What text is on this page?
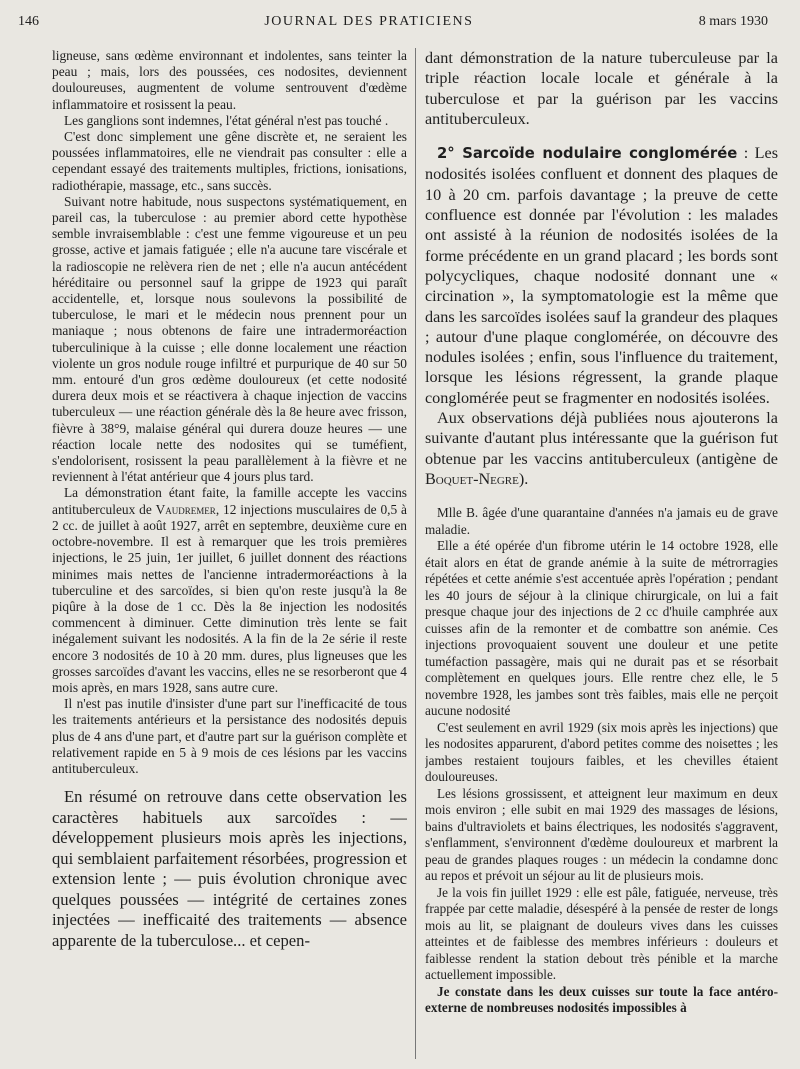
146	JOURNAL DES PRATICIENS	8 mars 1930

ligneuse, sans œdème environnant et indolentes, sans teinter la peau ; mais, lors des poussées, ces nodosites, deviennent douloureuses, augmentent de volume sentrouvent d'œdème inflammatoire et rosissent la peau.

Les ganglions sont indemnes, l'état général n'est pas touché .

C'est donc simplement une gêne discrète et, ne seraient les poussées inflammatoires, elle ne viendrait pas consulter : elle a cependant essayé des traitements multiples, frictions, ionisations, radiothérapie, massage, etc., sans succès.

Suivant notre habitude, nous suspectons systématiquement, en pareil cas, la tuberculose : au premier abord cette hypothèse semble invraisemblable : c'est une femme vigoureuse et un peu grosse, active et jamais fatiguée ; elle n'a aucune tare viscérale et la radioscopie ne relèvera rien de net ; elle n'a aucun antécédent héréditaire ou personnel sauf la grippe de 1923 qui paraît accidentelle, et, lorsque nous soulevons la possibilité de tuberculose, le mari et le médecin nous prennent pour un maniaque ; nous obtenons de faire une intradermoréaction tuberculinique à la cuisse ; elle donne localement une réaction violente un gros nodule rouge infiltré et purpurique de 40 sur 50 mm. entouré d'un gros œdème douloureux (et cette nodosité durera deux mois et se réactivera à chaque injection de vaccins tuberculeux — une réaction générale dès la 8e heure avec frisson, fièvre à 38°9, malaise général qui durera douze heures — une réaction locale nette des nodosites qui se tuméfient, s'endolorisent, rosissent la peau parallèlement à la fièvre et ne reviennent à l'état antérieur que 4 jours plus tard.

La démonstration étant faite, la famille accepte les vaccins antituberculeux de Vaudremer, 12 injections musculaires de 0,5 à 2 cc. de juillet à août 1927, arrêt en septembre, deuxième cure en octobre-novembre. Il est à remarquer que les trois premières injections, le 25 juin, 1er juillet, 6 juillet donnent des réactions minimes mais nettes de l'ancienne intradermoréactions à la tuberculine et des sarcoïdes, si bien qu'on reste jusqu'à la 8e piqûre à la dose de 1 cc. Dès la 8e injection les nodosités commencent à diminuer. Cette diminution très lente se fait inégalement suivant les nodosités. A la fin de la 2e série il reste encore 3 nodosités de 10 à 20 mm. dures, plus ligneuses que les grosses sarcoïdes d'avant les vaccins, elles ne se resorberont que 4 mois après, en mars 1928, sans autre cure.

Il n'est pas inutile d'insister d'une part sur l'inefficacité de tous les traitements antérieurs et la persistance des nodosités depuis plus de 4 ans d'une part, et d'autre part sur la guérison complète et relativement rapide en 5 à 9 mois de ces lésions par les vaccins antituberculeux.

En résumé on retrouve dans cette observation les caractères habituels aux sarcoïdes : — développement plusieurs mois après les injections, qui semblaient parfaitement résorbées, progression et extension lente ; — puis évolution chronique avec quelques poussées — intégrité de certaines zones injectées — inefficaité des traitements — absence apparente de la tuberculose... et cepen-

dant démonstration de la nature tuberculeuse par la triple réaction locale locale et générale à la tuberculose et par la guérison par les vaccins antituberculeux.

2° Sarcoïde nodulaire conglomérée : Les nodosités isolées confluent et donnent des plaques de 10 à 20 cm. parfois davantage ; la preuve de cette confluence est donnée par l'évolution : les malades ont assisté à la réunion de nodosités isolées de la forme précédente en un grand placard ; les bords sont polycycliques, chaque nodosité donnant une « circination », la symptomatologie est la même que dans les sarcoïdes isolées sauf la grandeur des plaques ; autour d'une plaque conglomérée, on découvre des nodules isolées ; enfin, sous l'influence du traitement, lorsque les lésions régressent, la grande plaque conglomérée peut se fragmenter en nodosités isolées.

Aux observations déjà publiées nous ajouterons la suivante d'autant plus intéressante que la guérison fut obtenue par les vaccins antituberculeux (antigène de Boquet-Negre).

Mlle B. âgée d'une quarantaine d'années n'a jamais eu de grave maladie.

Elle a été opérée d'un fibrome utérin le 14 octobre 1928, elle était alors en état de grande anémie à la suite de métrorragies répétées et cette anémie s'est accentuée après l'opération ; pendant les 40 jours de séjour à la clinique chirurgicale, on lui a fait presque chaque jour des injections de 2 cc d'huile camphrée aux cuisses afin de la remonter et de combattre son anémie. Ces injections provoquaient souvent une douleur et une petite tuméfaction passagère, mais qui ne durait pas et se résorbait complètement en quelques jours. Elle rentre chez elle, le 5 novembre 1928, les jambes sont très faibles, mais elle ne perçoit aucune nodosité

C'est seulement en avril 1929 (six mois après les injections) que les nodosites apparurent, d'abord petites comme des noisettes ; les jambes restaient toujours faibles, et les chevilles étaient douloureuses.

Les lésions grossissent, et atteignent leur maximum en deux mois environ ; elle subit en mai 1929 des massages de lésions, bains d'ultraviolets et bains électriques, les nodosités s'aggravent, s'enflamment, s'environnent d'œdème douloureux et marbrent la peau de grandes plaques rouges : un médecin la condamne donc au repos et prévoit un séjour au lit de plusieurs mois.

Je la vois fin juillet 1929 : elle est pâle, fatiguée, nerveuse, très frappée par cette maladie, désespéré à la pensée de rester de longs mois au lit, se plaignant de douleurs vives dans les cuisses atteintes et de faiblesse des membres inférieurs : douleurs et faiblesse rendent la station debout très pénible et la marche actuellement impossible.

Je constate dans les deux cuisses sur toute la face antéro-externe de nombreuses nodosités impossibles à
